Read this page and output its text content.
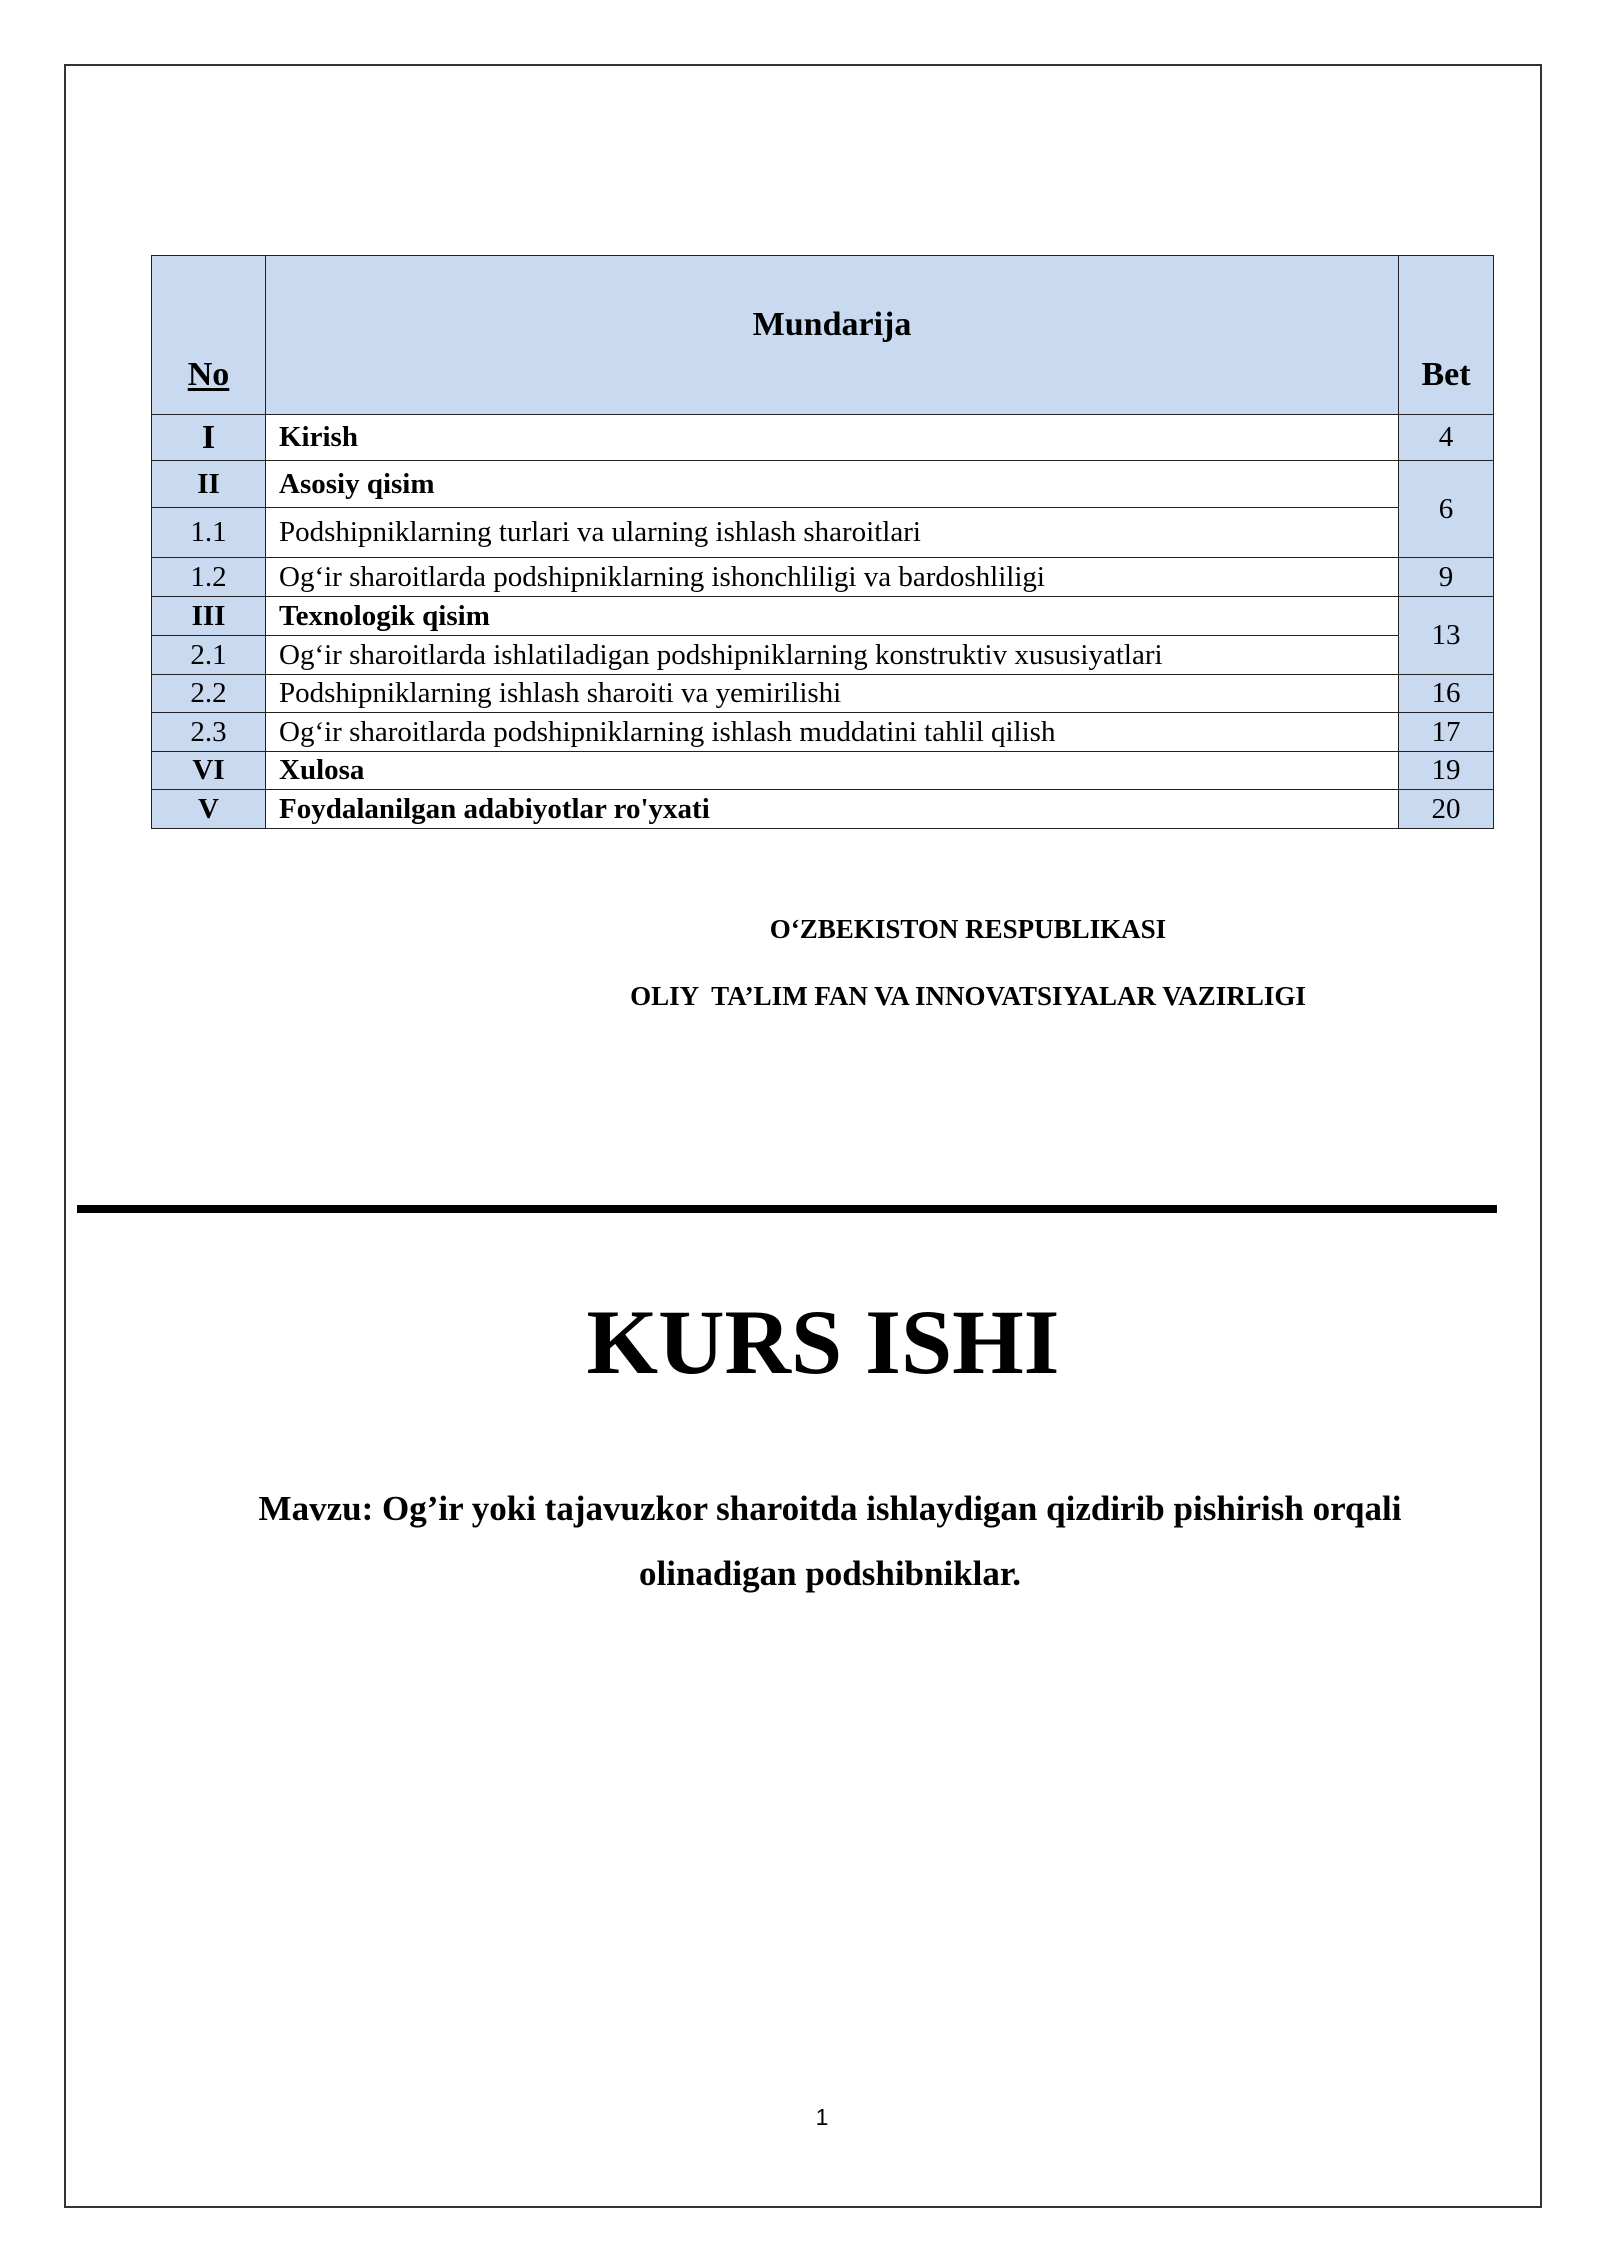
No	Mundarija	Bet
I	Kirish	4
II	Asosiy qisim	6
1.1	Podshipniklarning turlari va ularning ishlash sharoitlari	
1.2	Og‘ir sharoitlarda podshipniklarning ishonchliligi va bardoshliligi	9
III	Texnologik qisim	13
2.1	Og‘ir sharoitlarda ishlatiladigan podshipniklarning konstruktiv xususiyatlari	
2.2	Podshipniklarning ishlash sharoiti va yemirilishi	16
2.3	Og‘ir sharoitlarda podshipniklarning ishlash muddatini tahlil qilish	17
VI	Xulosa	19
V	Foydalanilgan adabiyotlar ro'yxati	20
O‘ZBEKISTON RESPUBLIKASI
OLIY  TA’LIM FAN VA INNOVATSIYALAR VAZIRLIGI
KURS ISHI
Mavzu: Og’ir yoki tajavuzkor sharoitda ishlaydigan qizdirib pishirish orqali
olinadigan podshibniklar.
1
